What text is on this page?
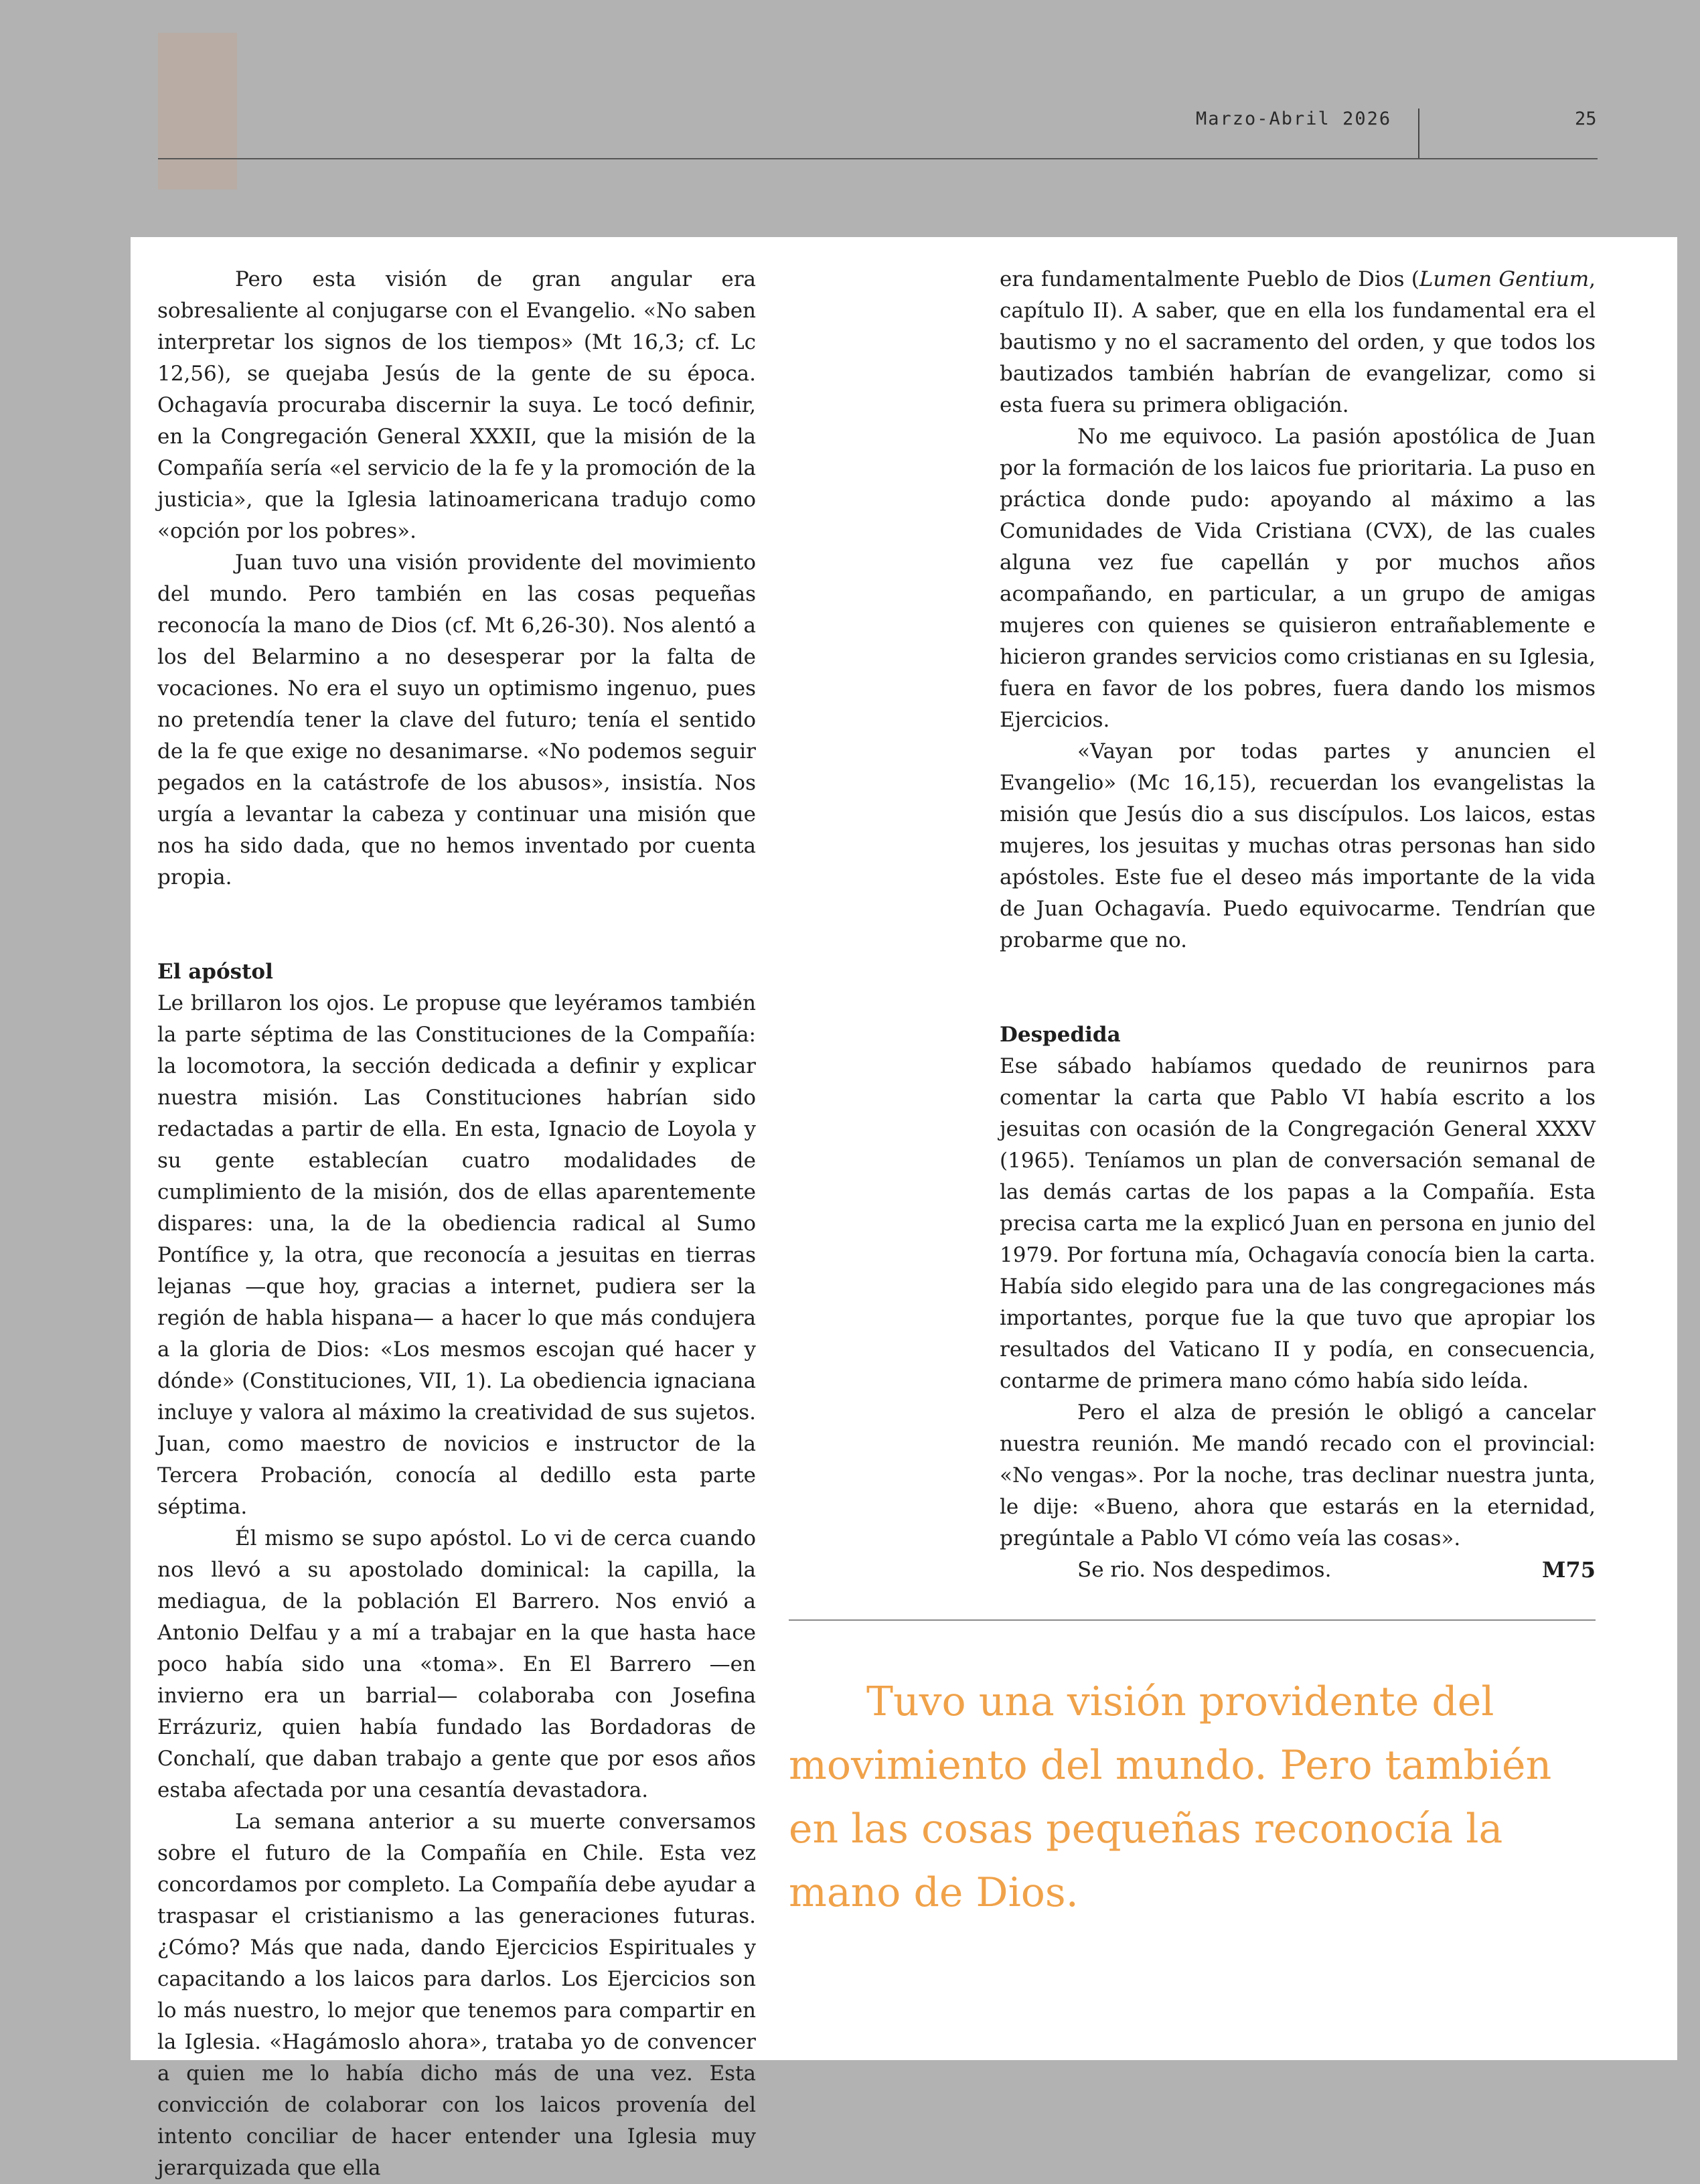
Marzo-Abril 2026	25

Pero esta visión de gran angular era sobresaliente al conjugarse con el Evangelio. «No saben interpretar los signos de los tiempos» (Mt 16,3; cf. Lc 12,56), se quejaba Jesús de la gente de su época. Ochagavía procuraba discernir la suya. Le tocó definir, en la Congregación General XXXII, que la misión de la Compañía sería «el servicio de la fe y la promoción de la justicia», que la Iglesia latinoamericana tradujo como «opción por los pobres».

Juan tuvo una visión providente del movimiento del mundo. Pero también en las cosas pequeñas reconocía la mano de Dios (cf. Mt 6,26-30). Nos alentó a los del Belarmino a no desesperar por la falta de vocaciones. No era el suyo un optimismo ingenuo, pues no pretendía tener la clave del futuro; tenía el sentido de la fe que exige no desanimarse. «No podemos seguir pegados en la catástrofe de los abusos», insistía. Nos urgía a levantar la cabeza y continuar una misión que nos ha sido dada, que no hemos inventado por cuenta propia.

El apóstol

Le brillaron los ojos. Le propuse que leyéramos también la parte séptima de las Constituciones de la Compañía: la locomotora, la sección dedicada a definir y explicar nuestra misión. Las Constituciones habrían sido redactadas a partir de ella. En esta, Ignacio de Loyola y su gente establecían cuatro modalidades de cumplimiento de la misión, dos de ellas aparentemente dispares: una, la de la obediencia radical al Sumo Pontífice y, la otra, que reconocía a jesuitas en tierras lejanas —que hoy, gracias a internet, pudiera ser la región de habla hispana— a hacer lo que más condujera a la gloria de Dios: «Los mesmos escojan qué hacer y dónde» (Constituciones, VII, 1). La obediencia ignaciana incluye y valora al máximo la creatividad de sus sujetos. Juan, como maestro de novicios e instructor de la Tercera Probación, conocía al dedillo esta parte séptima.

Él mismo se supo apóstol. Lo vi de cerca cuando nos llevó a su apostolado dominical: la capilla, la mediagua, de la población El Barrero. Nos envió a Antonio Delfau y a mí a trabajar en la que hasta hace poco había sido una «toma». En El Barrero —en invierno era un barrial— colaboraba con Josefina Errázuriz, quien había fundado las Bordadoras de Conchalí, que daban trabajo a gente que por esos años estaba afectada por una cesantía devastadora.

La semana anterior a su muerte conversamos sobre el futuro de la Compañía en Chile. Esta vez concordamos por completo. La Compañía debe ayudar a traspasar el cristianismo a las generaciones futuras. ¿Cómo? Más que nada, dando Ejercicios Espirituales y capacitando a los laicos para darlos. Los Ejercicios son lo más nuestro, lo mejor que tenemos para compartir en la Iglesia. «Hagámoslo ahora», trataba yo de convencer a quien me lo había dicho más de una vez. Esta convicción de colaborar con los laicos provenía del intento conciliar de hacer entender una Iglesia muy jerarquizada que ella

era fundamentalmente Pueblo de Dios (Lumen Gentium, capítulo II). A saber, que en ella los fundamental era el bautismo y no el sacramento del orden, y que todos los bautizados también habrían de evangelizar, como si esta fuera su primera obligación.

No me equivoco. La pasión apostólica de Juan por la formación de los laicos fue prioritaria. La puso en práctica donde pudo: apoyando al máximo a las Comunidades de Vida Cristiana (CVX), de las cuales alguna vez fue capellán y por muchos años acompañando, en particular, a un grupo de amigas mujeres con quienes se quisieron entrañablemente e hicieron grandes servicios como cristianas en su Iglesia, fuera en favor de los pobres, fuera dando los mismos Ejercicios.

«Vayan por todas partes y anuncien el Evangelio» (Mc 16,15), recuerdan los evangelistas la misión que Jesús dio a sus discípulos. Los laicos, estas mujeres, los jesuitas y muchas otras personas han sido apóstoles. Este fue el deseo más importante de la vida de Juan Ochagavía. Puedo equivocarme. Tendrían que probarme que no.

Despedida

Ese sábado habíamos quedado de reunirnos para comentar la carta que Pablo VI había escrito a los jesuitas con ocasión de la Congregación General XXXV (1965). Teníamos un plan de conversación semanal de las demás cartas de los papas a la Compañía. Esta precisa carta me la explicó Juan en persona en junio del 1979. Por fortuna mía, Ochagavía conocía bien la carta. Había sido elegido para una de las congregaciones más importantes, porque fue la que tuvo que apropiar los resultados del Vaticano II y podía, en consecuencia, contarme de primera mano cómo había sido leída.

Pero el alza de presión le obligó a cancelar nuestra reunión. Me mandó recado con el provincial: «No vengas». Por la noche, tras declinar nuestra junta, le dije: «Bueno, ahora que estarás en la eternidad, pregúntale a Pablo VI cómo veía las cosas».

Se rio. Nos despedimos.	M75

Tuvo una visión providente del movimiento del mundo. Pero también en las cosas pequeñas reconocía la mano de Dios.
